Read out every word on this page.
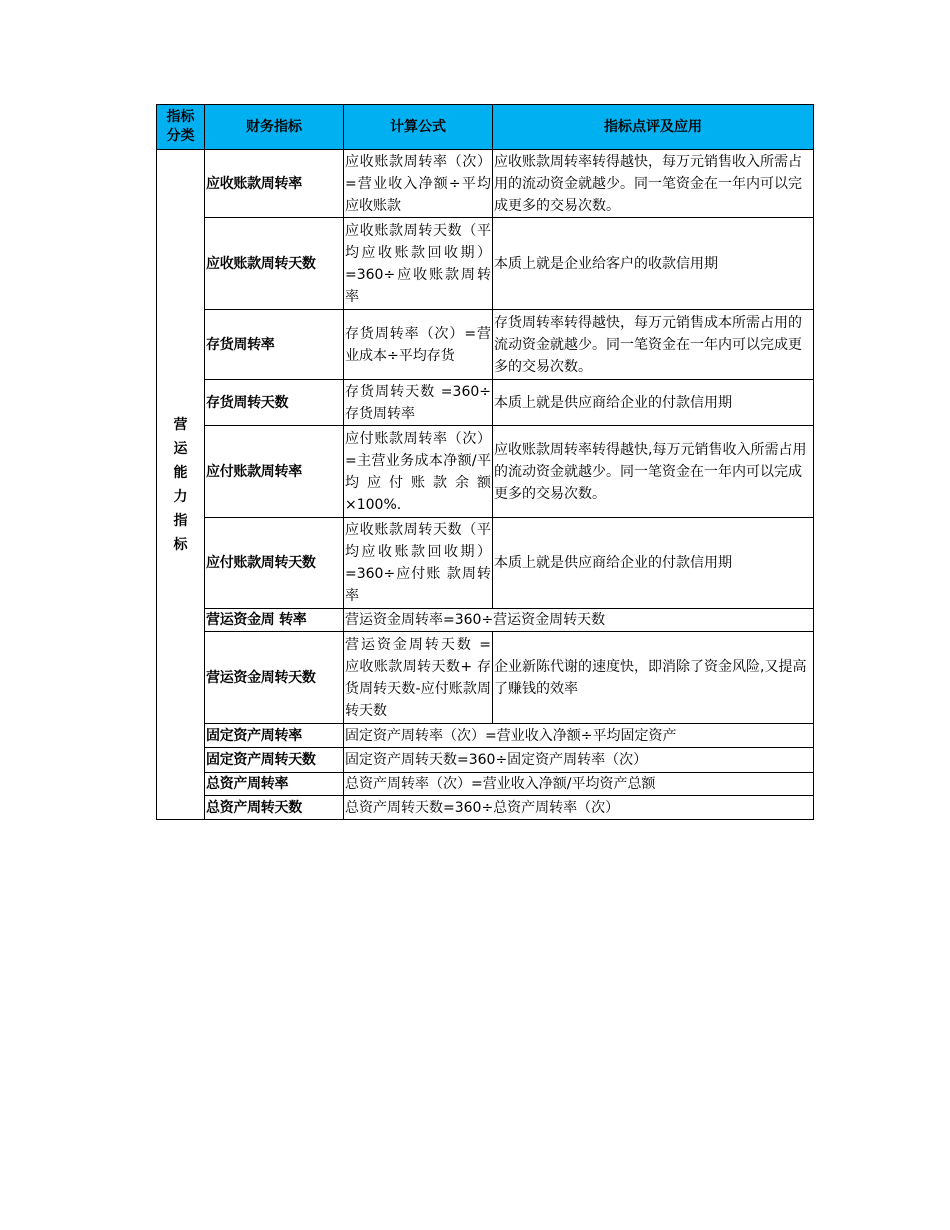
指标分类	财务指标	计算公式	指标点评及应用

营运能力指标	应收账款周转率	应收账款周转率（次）=营业收入净额÷平均应收账款	应收账款周转率转得越快，每万元销售收入所需占用的流动资金就越少。同一笔资金在一年内可以完成更多的交易次数。
	应收账款周转天数	应收账款周转天数（平均应收账款回收期）=360÷应收账款周转率	本质上就是企业给客户的收款信用期
	存货周转率	存货周转率（次）=营业成本÷平均存货	存货周转率转得越快，每万元销售成本所需占用的流动资金就越少。同一笔资金在一年内可以完成更多的交易次数。
	存货周转天数	存货周转天数 =360÷存货周转率	本质上就是供应商给企业的付款信用期
	应付账款周转率	应付账款周转率（次）=主营业务成本净额/平均应付账款余额×100%.	应收账款周转率转得越快,每万元销售收入所需占用的流动资金就越少。同一笔资金在一年内可以完成更多的交易次数。
	应付账款周转天数	应收账款周转天数（平均应收账款回收期）=360÷应付账 款周转率	本质上就是供应商给企业的付款信用期
	营运资金周 转率	营运资金周转率=360÷营运资金周转天数	
	营运资金周转天数	营运资金周转天数 = 应收账款周转天数+ 存货周转天数-应付账款周转天数	企业新陈代谢的速度快，即消除了资金风险,又提高了赚钱的效率
	固定资产周转率	固定资产周转率（次）=营业收入净额÷平均固定资产	
	固定资产周转天数	固定资产周转天数=360÷固定资产周转率（次）	
	总资产周转率	总资产周转率（次）=营业收入净额/平均资产总额	
	总资产周转天数	总资产周转天数=360÷总资产周转率（次）	
